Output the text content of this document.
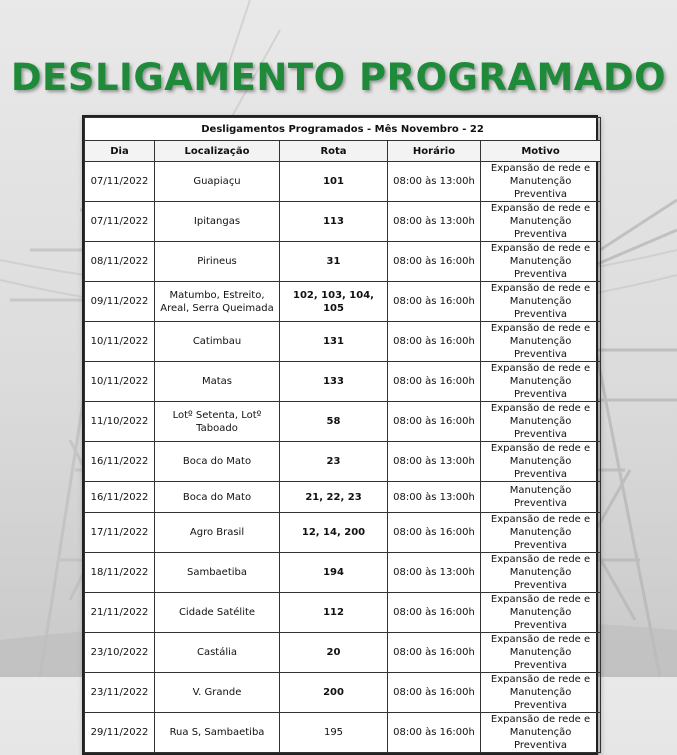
DESLIGAMENTO PROGRAMADO
Desligamentos Programados - Mês Novembro - 22				
Dia	Localização	Rota	Horário	Motivo
07/11/2022	Guapiaçu	101	08:00 às 13:00h	Expansão de rede e Manutenção Preventiva
07/11/2022	Ipitangas	113	08:00 às 13:00h	Expansão de rede e Manutenção Preventiva
08/11/2022	Pirineus	31	08:00 às 16:00h	Expansão de rede e Manutenção Preventiva
09/11/2022	Matumbo, Estreito, Areal, Serra Queimada	102, 103, 104, 105	08:00 às 16:00h	Expansão de rede e Manutenção Preventiva
10/11/2022	Catimbau	131	08:00 às 16:00h	Expansão de rede e Manutenção Preventiva
10/11/2022	Matas	133	08:00 às 16:00h	Expansão de rede e Manutenção Preventiva
11/10/2022	Lotº Setenta, Lotº Taboado	58	08:00 às 16:00h	Expansão de rede e Manutenção Preventiva
16/11/2022	Boca do Mato	23	08:00 às 13:00h	Expansão de rede e Manutenção Preventiva
16/11/2022	Boca do Mato	21, 22, 23	08:00 às 13:00h	Manutenção Preventiva
17/11/2022	Agro Brasil	12, 14, 200	08:00 às 16:00h	Expansão de rede e Manutenção Preventiva
18/11/2022	Sambaetiba	194	08:00 às 13:00h	Expansão de rede e Manutenção Preventiva
21/11/2022	Cidade Satélite	112	08:00 às 16:00h	Expansão de rede e Manutenção Preventiva
23/10/2022	Castália	20	08:00 às 16:00h	Expansão de rede e Manutenção Preventiva
23/11/2022	V. Grande	200	08:00 às 16:00h	Expansão de rede e Manutenção Preventiva
29/11/2022	Rua S, Sambaetiba	195	08:00 às 16:00h	Expansão de rede e Manutenção Preventiva
